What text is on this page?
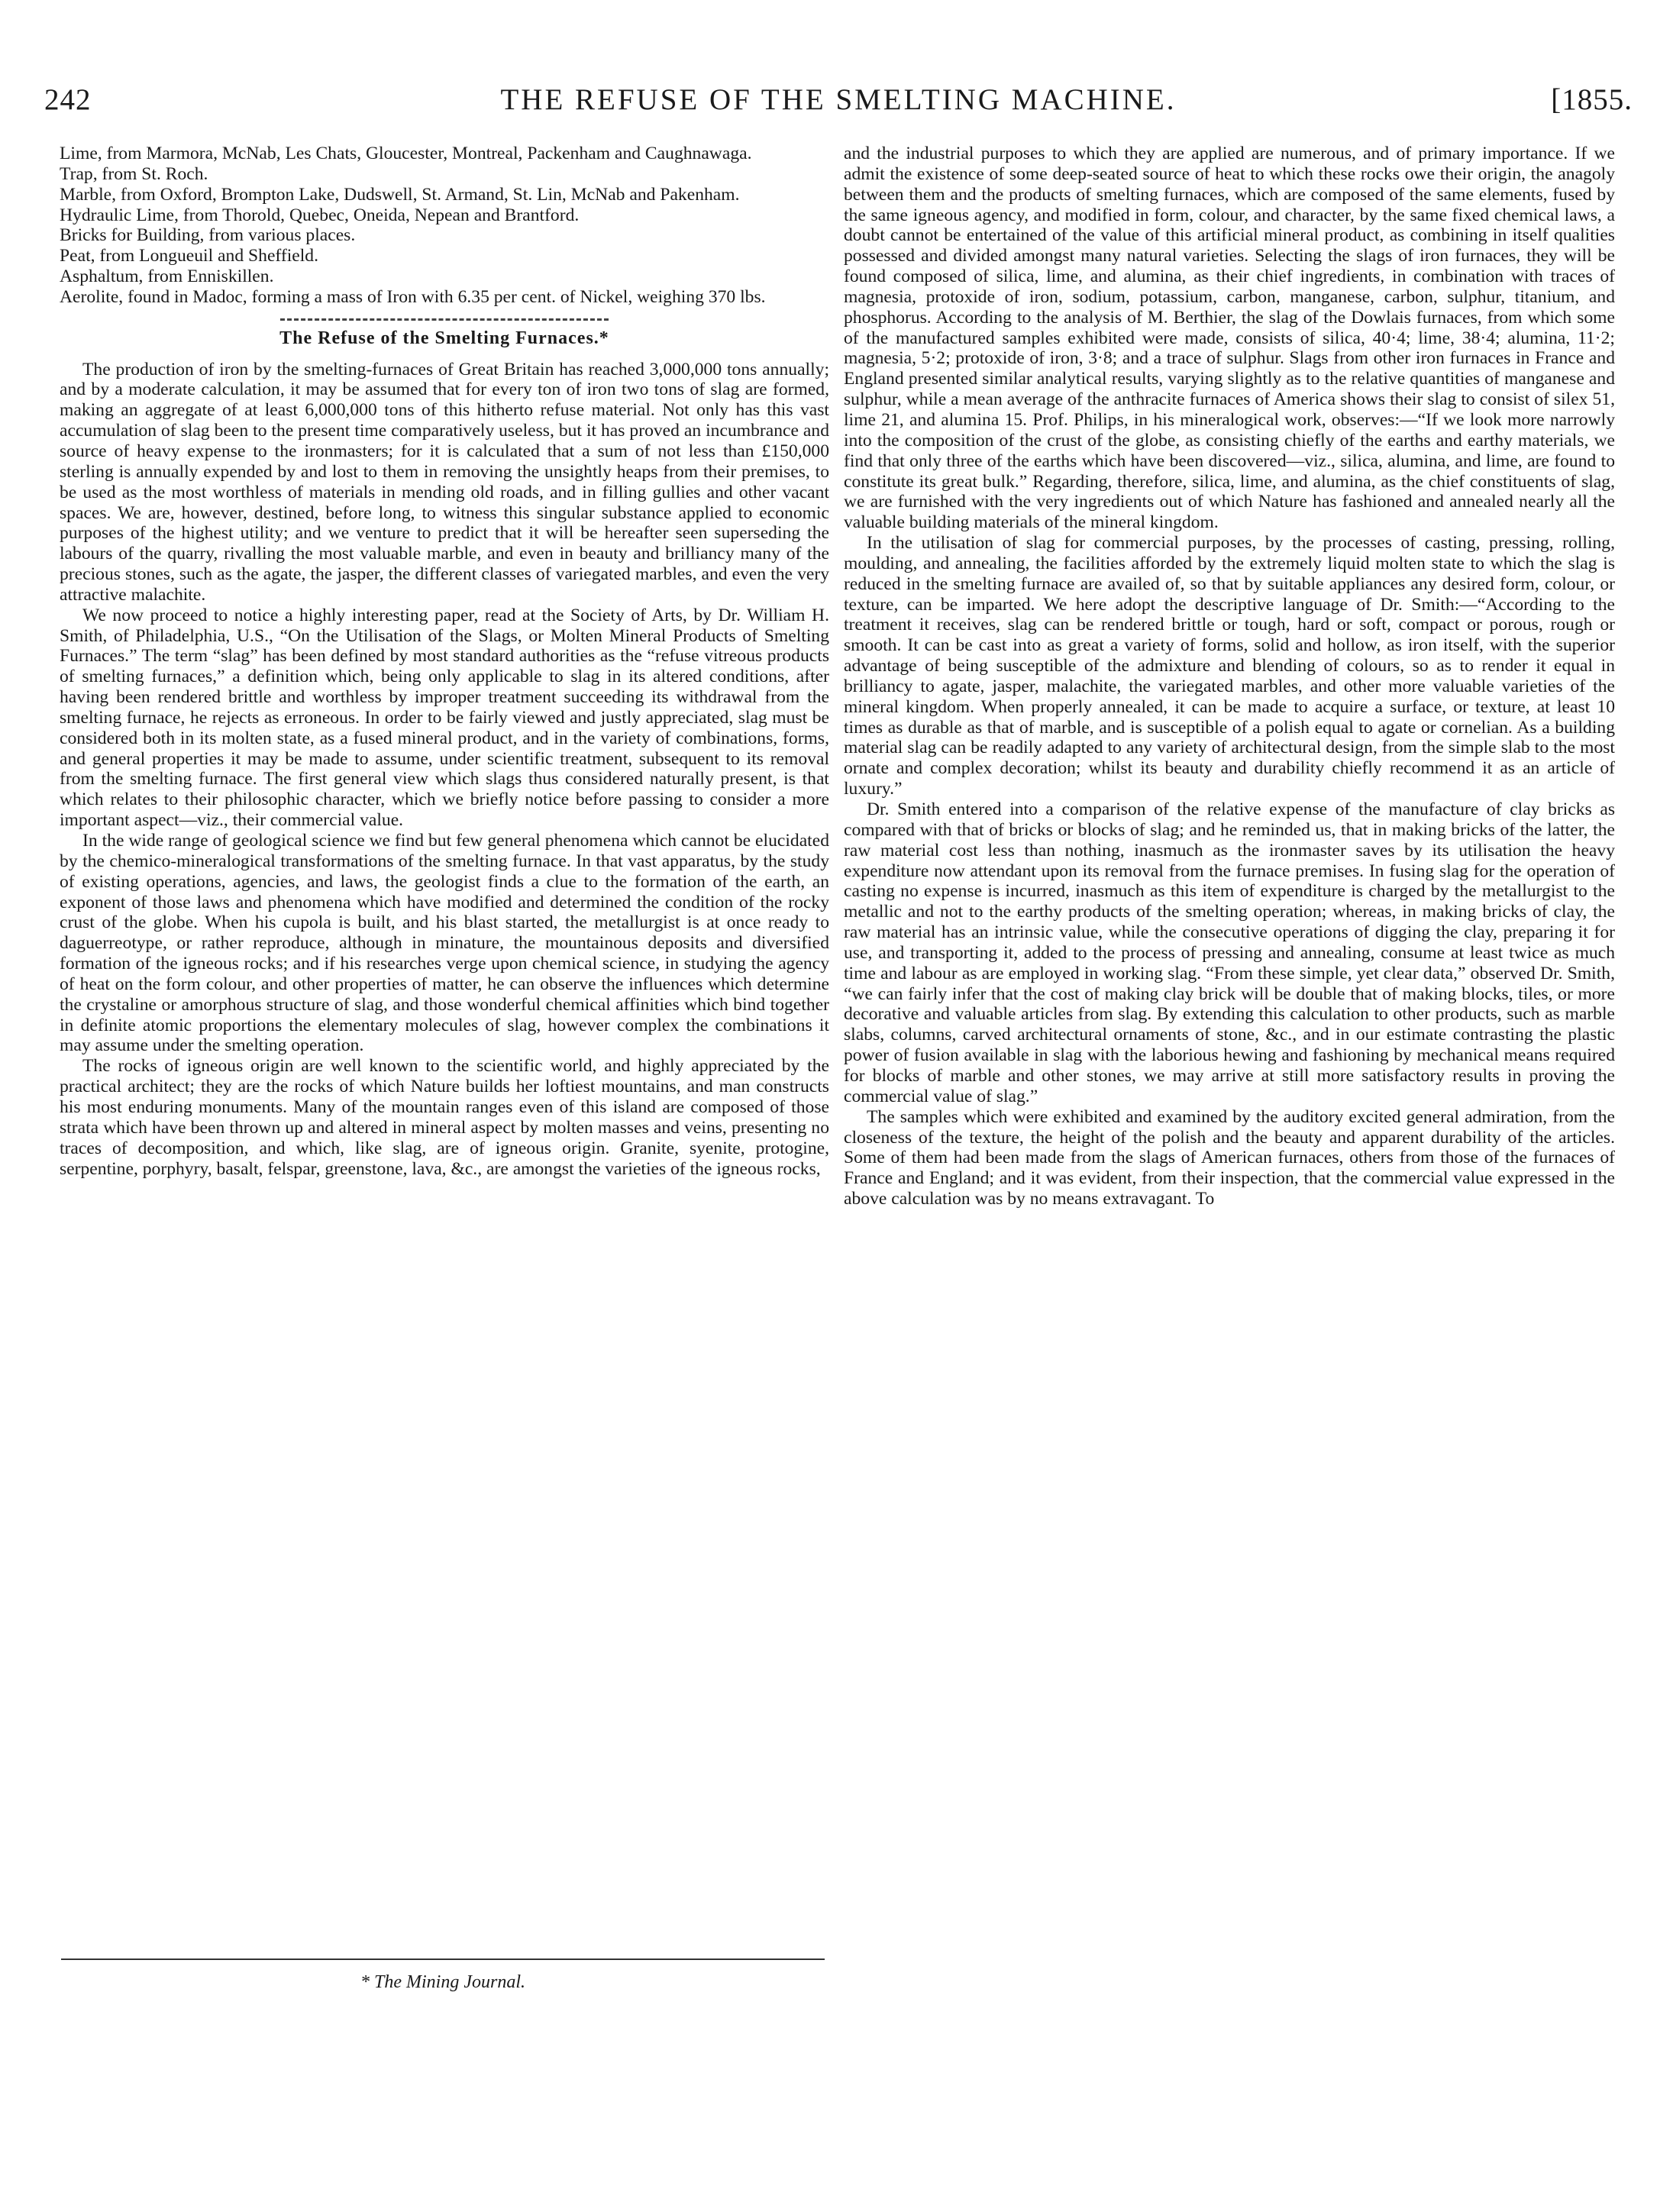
242	THE REFUSE OF THE SMELTING MACHINE.	[1855.

Lime, from Marmora, McNab, Les Chats, Gloucester, Montreal, Packenham and Caughnawaga.

Trap, from St. Roch.

Marble, from Oxford, Brompton Lake, Dudswell, St. Armand, St. Lin, McNab and Pakenham.

Hydraulic Lime, from Thorold, Quebec, Oneida, Nepean and Brantford.

Bricks for Building, from various places.

Peat, from Longueuil and Sheffield.

Asphaltum, from Enniskillen.

Aerolite, found in Madoc, forming a mass of Iron with 6.35 per cent. of Nickel, weighing 370 lbs.

The Refuse of the Smelting Furnaces.*

The production of iron by the smelting-furnaces of Great Britain has reached 3,000,000 tons annually; and by a moderate calculation, it may be assumed that for every ton of iron two tons of slag are formed, making an aggregate of at least 6,000,000 tons of this hitherto refuse material. Not only has this vast accumulation of slag been to the present time comparatively useless, but it has proved an incumbrance and source of heavy expense to the ironmasters; for it is calculated that a sum of not less than £150,000 sterling is annually expended by and lost to them in removing the unsightly heaps from their premises, to be used as the most worthless of materials in mending old roads, and in filling gullies and other vacant spaces. We are, however, destined, before long, to witness this singular substance applied to economic purposes of the highest utility; and we venture to predict that it will be hereafter seen superseding the labours of the quarry, rivalling the most valuable marble, and even in beauty and brilliancy many of the precious stones, such as the agate, the jasper, the different classes of variegated marbles, and even the very attractive malachite.

We now proceed to notice a highly interesting paper, read at the Society of Arts, by Dr. William H. Smith, of Philadelphia, U.S., “On the Utilisation of the Slags, or Molten Mineral Products of Smelting Furnaces.” The term “slag” has been defined by most standard authorities as the “refuse vitreous products of smelting furnaces,” a definition which, being only applicable to slag in its altered conditions, after having been rendered brittle and worthless by improper treatment succeeding its withdrawal from the smelting furnace, he rejects as erroneous. In order to be fairly viewed and justly appreciated, slag must be considered both in its molten state, as a fused mineral product, and in the variety of combinations, forms, and general properties it may be made to assume, under scientific treatment, subsequent to its removal from the smelting furnace. The first general view which slags thus considered naturally present, is that which relates to their philosophic character, which we briefly notice before passing to consider a more important aspect—viz., their commercial value.

In the wide range of geological science we find but few general phenomena which cannot be elucidated by the chemico-mineralogical transformations of the smelting furnace. In that vast apparatus, by the study of existing operations, agencies, and laws, the geologist finds a clue to the formation of the earth, an exponent of those laws and phenomena which have modified and determined the condition of the rocky crust of the globe. When his cupola is built, and his blast started, the metallurgist is at once ready to daguerreotype, or rather reproduce, although in minature, the mountainous deposits and diversified formation of the igneous rocks; and if his researches verge upon chemical science, in studying the agency of heat on the form colour, and other properties of matter, he can observe the influences which determine the crystaline or amorphous structure of slag, and those wonderful chemical affinities which bind together in definite atomic proportions the elementary molecules of slag, however complex the combinations it may assume under the smelting operation.

The rocks of igneous origin are well known to the scientific world, and highly appreciated by the practical architect; they are the rocks of which Nature builds her loftiest mountains, and man constructs his most enduring monuments. Many of the mountain ranges even of this island are composed of those strata which have been thrown up and altered in mineral aspect by molten masses and veins, presenting no traces of decomposition, and which, like slag, are of igneous origin. Granite, syenite, protogine, serpentine, porphyry, basalt, felspar, greenstone, lava, &c., are amongst the varieties of the igneous rocks,

* The Mining Journal.

and the industrial purposes to which they are applied are numerous, and of primary importance. If we admit the existence of some deep-seated source of heat to which these rocks owe their origin, the anagoly between them and the products of smelting furnaces, which are composed of the same elements, fused by the same igneous agency, and modified in form, colour, and character, by the same fixed chemical laws, a doubt cannot be entertained of the value of this artificial mineral product, as combining in itself qualities possessed and divided amongst many natural varieties. Selecting the slags of iron furnaces, they will be found composed of silica, lime, and alumina, as their chief ingredients, in combination with traces of magnesia, protoxide of iron, sodium, potassium, carbon, manganese, carbon, sulphur, titanium, and phosphorus. According to the analysis of M. Berthier, the slag of the Dowlais furnaces, from which some of the manufactured samples exhibited were made, consists of silica, 40·4; lime, 38·4; alumina, 11·2; magnesia, 5·2; protoxide of iron, 3·8; and a trace of sulphur. Slags from other iron furnaces in France and England presented similar analytical results, varying slightly as to the relative quantities of manganese and sulphur, while a mean average of the anthracite furnaces of America shows their slag to consist of silex 51, lime 21, and alumina 15. Prof. Philips, in his mineralogical work, observes:—“If we look more narrowly into the composition of the crust of the globe, as consisting chiefly of the earths and earthy materials, we find that only three of the earths which have been discovered—viz., silica, alumina, and lime, are found to constitute its great bulk.” Regarding, therefore, silica, lime, and alumina, as the chief constituents of slag, we are furnished with the very ingredients out of which Nature has fashioned and annealed nearly all the valuable building materials of the mineral kingdom.

In the utilisation of slag for commercial purposes, by the processes of casting, pressing, rolling, moulding, and annealing, the facilities afforded by the extremely liquid molten state to which the slag is reduced in the smelting furnace are availed of, so that by suitable appliances any desired form, colour, or texture, can be imparted. We here adopt the descriptive language of Dr. Smith:—“According to the treatment it receives, slag can be rendered brittle or tough, hard or soft, compact or porous, rough or smooth. It can be cast into as great a variety of forms, solid and hollow, as iron itself, with the superior advantage of being susceptible of the admixture and blending of colours, so as to render it equal in brilliancy to agate, jasper, malachite, the variegated marbles, and other more valuable varieties of the mineral kingdom. When properly annealed, it can be made to acquire a surface, or texture, at least 10 times as durable as that of marble, and is susceptible of a polish equal to agate or cornelian. As a building material slag can be readily adapted to any variety of architectural design, from the simple slab to the most ornate and complex decoration; whilst its beauty and durability chiefly recommend it as an article of luxury.”

Dr. Smith entered into a comparison of the relative expense of the manufacture of clay bricks as compared with that of bricks or blocks of slag; and he reminded us, that in making bricks of the latter, the raw material cost less than nothing, inasmuch as the ironmaster saves by its utilisation the heavy expenditure now attendant upon its removal from the furnace premises. In fusing slag for the operation of casting no expense is incurred, inasmuch as this item of expenditure is charged by the metallurgist to the metallic and not to the earthy products of the smelting operation; whereas, in making bricks of clay, the raw material has an intrinsic value, while the consecutive operations of digging the clay, preparing it for use, and transporting it, added to the process of pressing and annealing, consume at least twice as much time and labour as are employed in working slag. “From these simple, yet clear data,” observed Dr. Smith, “we can fairly infer that the cost of making clay brick will be double that of making blocks, tiles, or more decorative and valuable articles from slag. By extending this calculation to other products, such as marble slabs, columns, carved architectural ornaments of stone, &c., and in our estimate contrasting the plastic power of fusion available in slag with the laborious hewing and fashioning by mechanical means required for blocks of marble and other stones, we may arrive at still more satisfactory results in proving the commercial value of slag.”

The samples which were exhibited and examined by the auditory excited general admiration, from the closeness of the texture, the height of the polish and the beauty and apparent durability of the articles. Some of them had been made from the slags of American furnaces, others from those of the furnaces of France and England; and it was evident, from their inspection, that the commercial value expressed in the above calculation was by no means extravagant. To
